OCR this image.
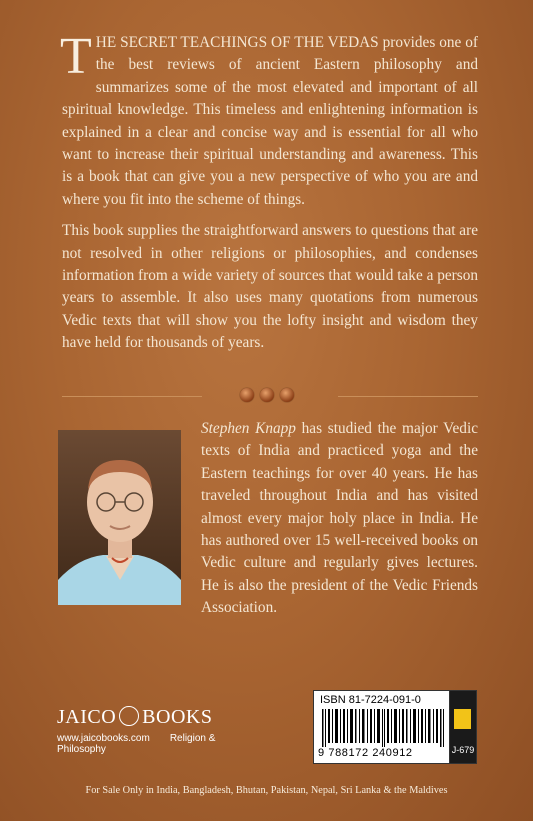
THE SECRET TEACHINGS OF THE VEDAS provides one of the best reviews of ancient Eastern philosophy and summarizes some of the most elevated and important of all spiritual knowledge. This timeless and enlightening information is explained in a clear and concise way and is essential for all who want to increase their spiritual understanding and awareness. This is a book that can give you a new perspective of who you are and where you fit into the scheme of things.

This book supplies the straightforward answers to questions that are not resolved in other religions or philosophies, and condenses information from a wide variety of sources that would take a person years to assemble. It also uses many quotations from numerous Vedic texts that will show you the lofty insight and wisdom they have held for thousands of years.

Stephen Knapp has studied the major Vedic texts of India and practiced yoga and the Eastern teachings for over 40 years. He has traveled throughout India and has visited almost every major holy place in India. He has authored over 15 well-received books on Vedic culture and regularly gives lectures. He is also the president of the Vedic Friends Association.

JAICO BOOKS
www.jaicobooks.com Religion & Philosophy
ISBN 81-7224-091-0
9 788172 240912	J-679
For Sale Only in India, Bangladesh, Bhutan, Pakistan, Nepal, Sri Lanka & the Maldives
